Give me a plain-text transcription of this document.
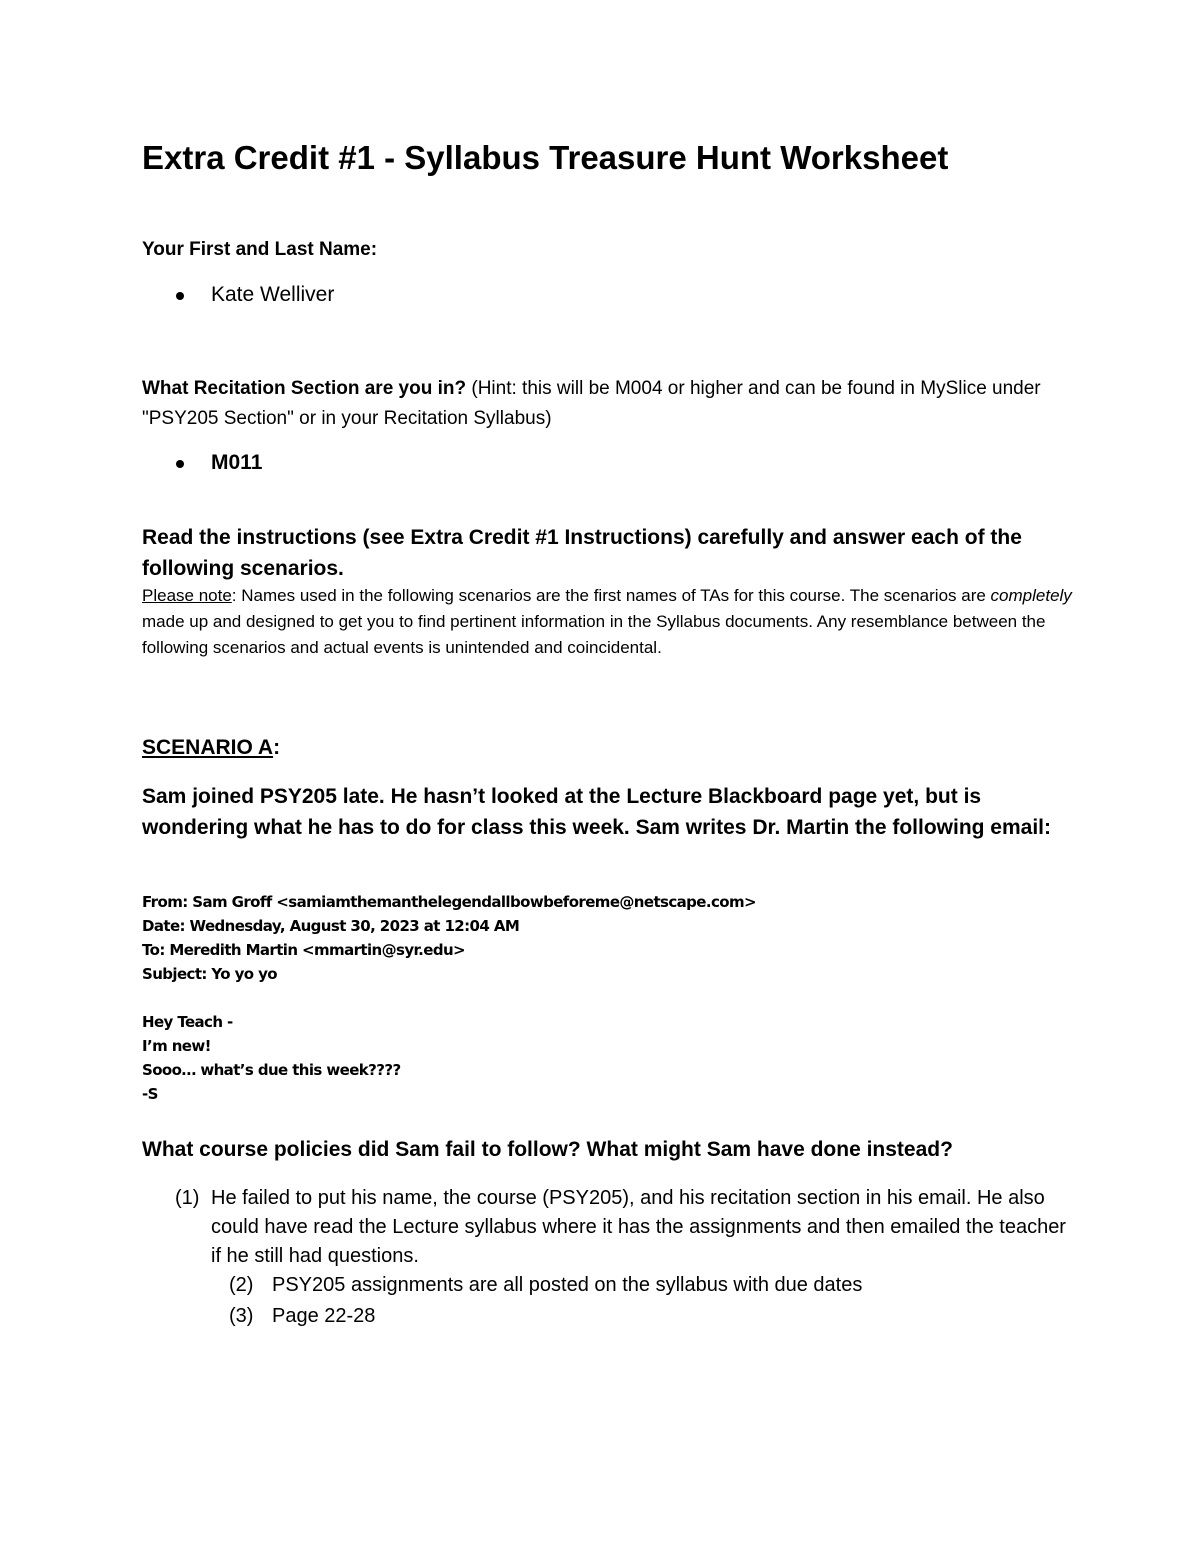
Extra Credit #1 - Syllabus Treasure Hunt Worksheet
Your First and Last Name:
Kate Welliver
What Recitation Section are you in? (Hint: this will be M004 or higher and can be found in MySlice under "PSY205 Section" or in your Recitation Syllabus)
M011
Read the instructions (see Extra Credit #1 Instructions) carefully and answer each of the following scenarios.
Please note: Names used in the following scenarios are the first names of TAs for this course. The scenarios are completely made up and designed to get you to find pertinent information in the Syllabus documents. Any resemblance between the following scenarios and actual events is unintended and coincidental.
SCENARIO A:
Sam joined PSY205 late. He hasn’t looked at the Lecture Blackboard page yet, but is wondering what he has to do for class this week. Sam writes Dr. Martin the following email:
From: Sam Groff <samiamthemanthelegendallbowbeforeme@netscape.com>
Date: Wednesday, August 30, 2023 at 12:04 AM
To: Meredith Martin <mmartin@syr.edu>
Subject: Yo yo yo
Hey Teach -
I’m new!
Sooo… what’s due this week????
-S
What course policies did Sam fail to follow? What might Sam have done instead?
(1) He failed to put his name, the course (PSY205), and his recitation section in his email. He also could have read the Lecture syllabus where it has the assignments and then emailed the teacher if he still had questions.
(2) PSY205 assignments are all posted on the syllabus with due dates
(3) Page 22-28
